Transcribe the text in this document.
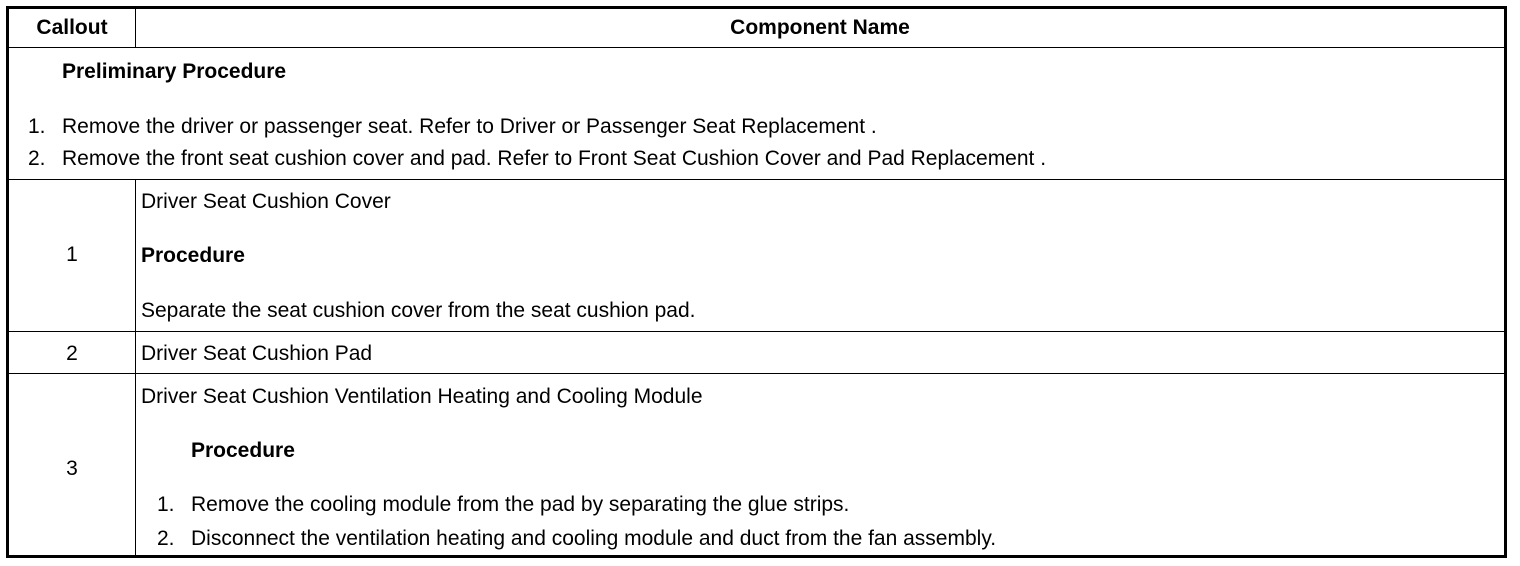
Callout	Component Name
Preliminary Procedure
1. Remove the driver or passenger seat. Refer to Driver or Passenger Seat Replacement .
2. Remove the front seat cushion cover and pad. Refer to Front Seat Cushion Cover and Pad Replacement .
1
Driver Seat Cushion Cover
Procedure
Separate the seat cushion cover from the seat cushion pad.
2	Driver Seat Cushion Pad
3
Driver Seat Cushion Ventilation Heating and Cooling Module
Procedure
1. Remove the cooling module from the pad by separating the glue strips.
2. Disconnect the ventilation heating and cooling module and duct from the fan assembly.
